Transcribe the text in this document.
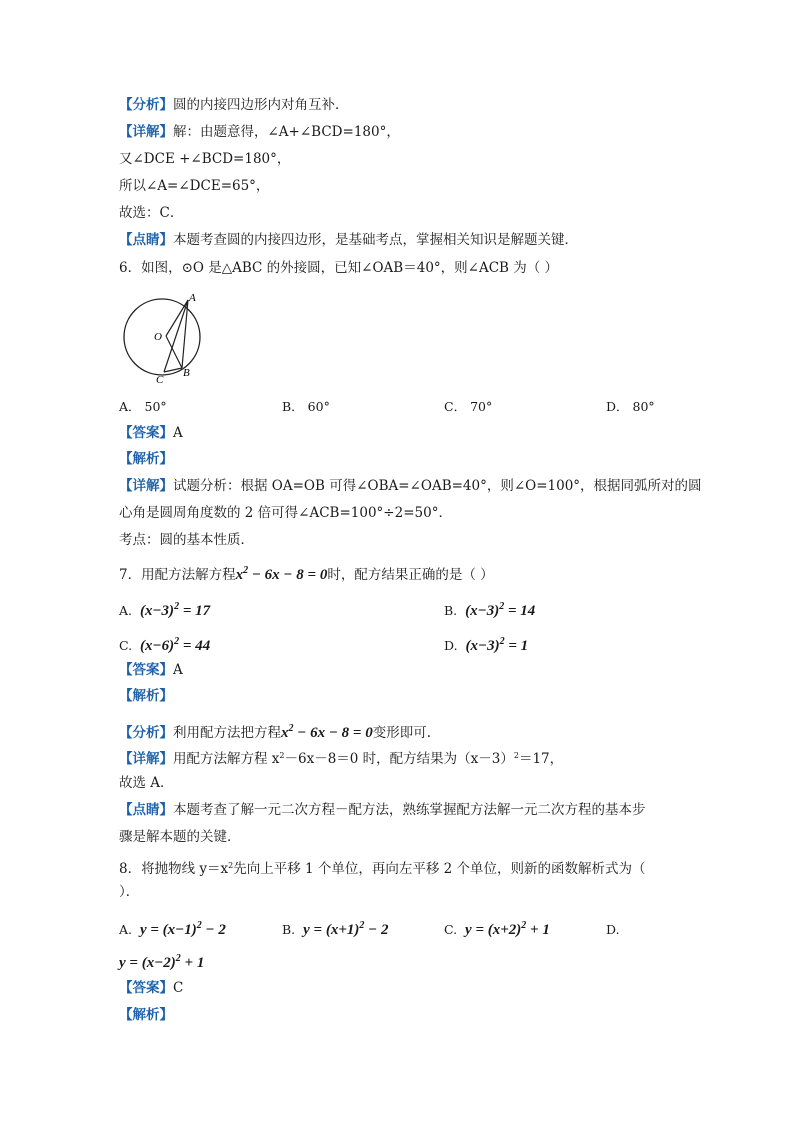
【分析】圆的内接四边形内对角互补．
【详解】解：由题意得，∠A+∠BCD=180°，
又∠DCE +∠BCD=180°，
所以∠A=∠DCE=65°，
故选：C．
【点睛】本题考查圆的内接四边形，是基础考点，掌握相关知识是解题关键．
6．如图，⊙O 是△ABC 的外接圆，已知∠OAB＝40°，则∠ACB 为（ ）
A
O
B
C
A． 50°	B． 60°	C． 70°	D． 80°
【答案】A
【解析】
【详解】试题分析：根据 OA=OB 可得∠OBA=∠OAB=40°，则∠O=100°，根据同弧所对的圆
心角是圆周角度数的 2 倍可得∠ACB=100°÷2=50°．
考点：圆的基本性质．
7．用配方法解方程$x^2 - 6x - 8 = 0$时，配方结果正确的是（ ）
A. $(x-3)^2 = 17$	B. $(x-3)^2 = 14$
C. $(x-6)^2 = 44$	D. $(x-3)^2 = 1$
【答案】A
【解析】
【分析】利用配方法把方程$x^2 - 6x - 8 = 0$变形即可.
【详解】用配方法解方程 $x^2-6x-8=0$ 时，配方结果为$(x-3)^2=17$，
故选 A．
【点睛】本题考查了解一元二次方程－配方法，熟练掌握配方法解一元二次方程的基本步
骤是解本题的关键．
8．将抛物线 $y=x^2$先向上平移 1 个单位，再向左平移 2 个单位，则新的函数解析式为（
）．
A. $y = (x-1)^2 - 2$	B. $y = (x+1)^2 - 2$	C. $y = (x+2)^2 + 1$	D.
$y = (x-2)^2 + 1$
【答案】C
【解析】
